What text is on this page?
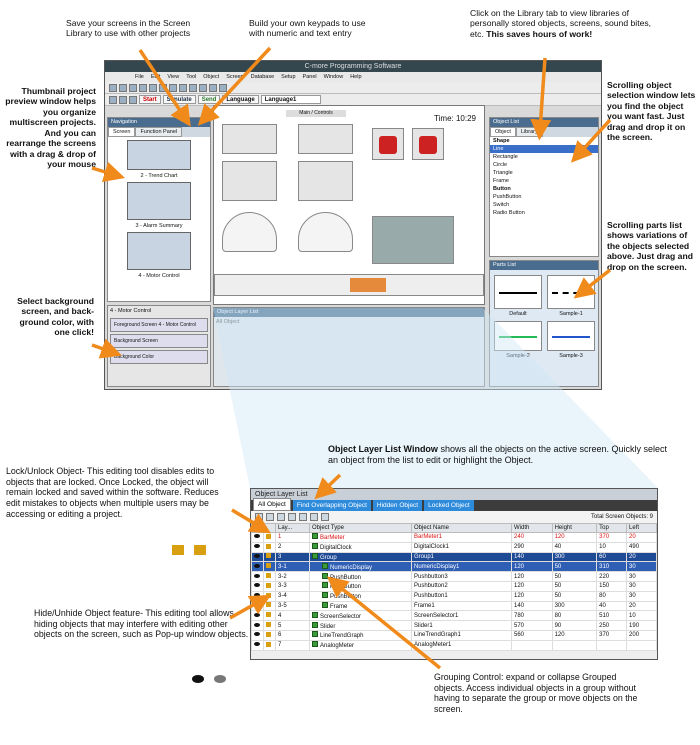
Save your screens in the Screen Library to use with other projects
Build your own keypads to use with numeric and text entry
Click on the Library tab to view libraries of personally stored objects, screens, sound bites, etc. This saves hours of work!
Thumbnail project preview window helps you organize multiscreen projects. And you can rearrange the screens with a drag & drop of your mouse
Scrolling object selection window lets you find the object you want fast. Just drag and drop it on the screen.
Scrolling parts list shows variations of the objects selected above. Just drag and drop on the screen.
Select background screen, and back-ground color, with one click!
C-more Programming Software
File Edit View Tool Object Screen Database Setup Panel Window Help
Start	Simulate	Send	Language	Language1
Navigation
Screen	Function Panel
2 - Trend Chart
3 - Alarm Summary
4 - Motor Control
4 - Motor Control
Foreground Screen 4 - Motor Control
Background Screen
Background Color
Main / Controls
Time: 10:29
Object Layer List
All Object
Object List
Object	Library
Shape
Line
Rectangle
Circle
Triangle
Frame
Button
PushButton
Switch
Radio Button
Parts List
Default	Sample-1
Sample-2	Sample-3
Object Layer List Window shows all the objects on the active screen. Quickly select an object from the list to edit or highlight the Object.
Lock/Unlock Object- This editing tool disables edits to objects that are locked. Once Locked, the object will remain locked and saved within the software. Reduces edit mistakes to objects when multiple users may be accessing or editing a project.

Hide/Unhide Object feature- This editing tool allows hiding objects that may interfere with editing other objects on the screen, such as Pop-up window objects.

Grouping Control: expand or collapse Grouped objects. Access individual objects in a group without having to separate the group or move objects on the screen.
Object Layer List
All Object	Find Overlapping Object	Hidden Object	Locked Object
Total Screen Objects: 9
		Lay...	Object Type	Object Name	Width	Height	Top	Left
		1	BarMeter	BarMeter1	240	120	370	20
		2	DigitalClock	DigitalClock1	290	40	10	490
		3	Group	Group1	140	300	60	20
		3-1	NumericDisplay	NumericDisplay1	120	50	310	30
		3-2	PushButton	Pushbutton3	120	50	220	30
		3-3	PushButton	Pushbutton2	120	50	150	30
		3-4	PushButton	Pushbutton1	120	50	80	30
		3-5	Frame	Frame1	140	300	40	20
		4	ScreenSelector	ScreenSelector1	780	80	510	10
		5	Slider	Slider1	570	90	250	190
		6	LineTrendGraph	LineTrendGraph1	560	120	370	200
		7	AnalogMeter	AnalogMeter1				
